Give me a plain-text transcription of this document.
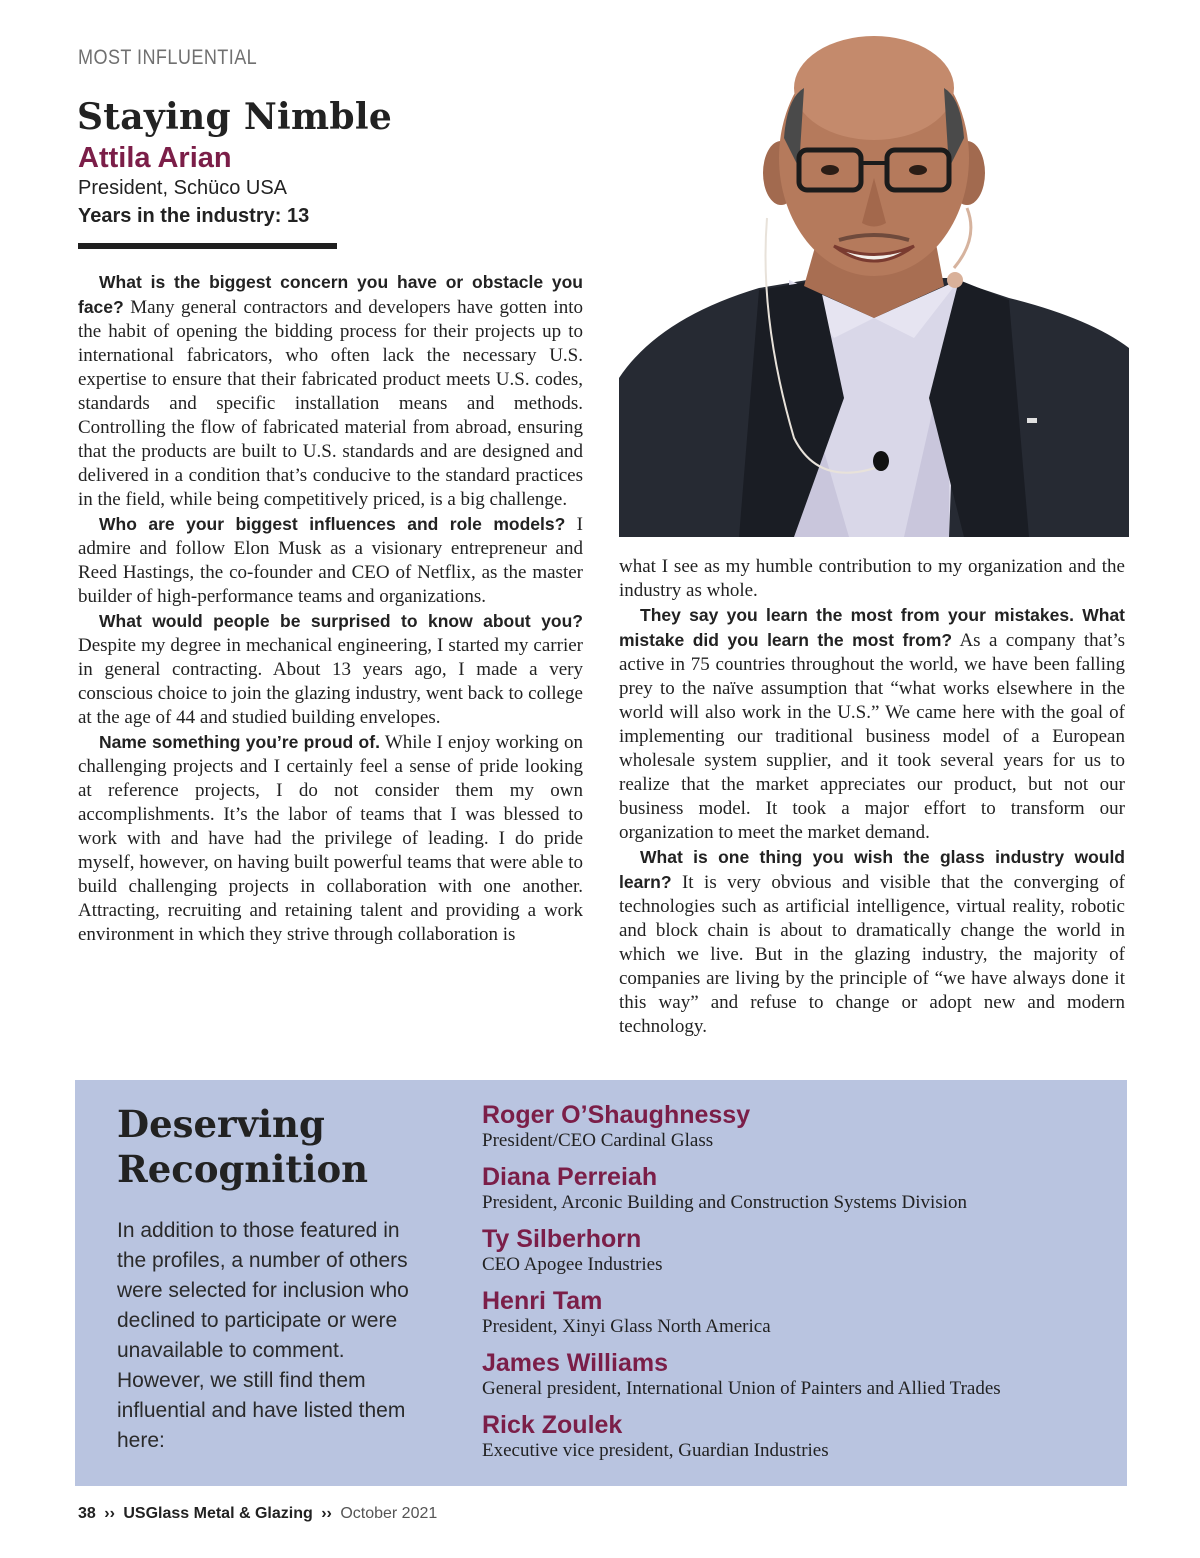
MOST INFLUENTIAL
Staying Nimble
Attila Arian
President, Schüco USA
Years in the industry: 13

What is the biggest concern you have or obstacle you face? Many general contractors and developers have gotten into the habit of opening the bidding process for their projects up to international fabricators, who often lack the necessary U.S. expertise to ensure that their fabricated product meets U.S. codes, standards and specific installation means and methods. Controlling the flow of fabricated material from abroad, ensuring that the products are built to U.S. standards and are designed and delivered in a condition that’s conducive to the standard practices in the field, while being competitively priced, is a big challenge.

Who are your biggest influences and role models? I admire and follow Elon Musk as a visionary entrepreneur and Reed Hastings, the co-founder and CEO of Netflix, as the master builder of high-performance teams and organizations.

What would people be surprised to know about you? Despite my degree in mechanical engineering, I started my carrier in general contracting. About 13 years ago, I made a very conscious choice to join the glazing industry, went back to college at the age of 44 and studied building envelopes.

Name something you’re proud of. While I enjoy working on challenging projects and I certainly feel a sense of pride looking at reference projects, I do not consider them my own accomplishments. It’s the labor of teams that I was blessed to work with and have had the privilege of leading. I do pride myself, however, on having built powerful teams that were able to build challenging projects in collaboration with one another. Attracting, recruiting and retaining talent and providing a work environment in which they strive through collaboration is

what I see as my humble contribution to my organization and the industry as whole.

They say you learn the most from your mistakes. What mistake did you learn the most from? As a company that’s active in 75 countries throughout the world, we have been falling prey to the naïve assumption that “what works elsewhere in the world will also work in the U.S.” We came here with the goal of implementing our traditional business model of a European wholesale system supplier, and it took several years for us to realize that the market appreciates our product, but not our business model. It took a major effort to transform our organization to meet the market demand.

What is one thing you wish the glass industry would learn? It is very obvious and visible that the converging of technologies such as artificial intelligence, virtual reality, robotic and block chain is about to dramatically change the world in which we live. But in the glazing industry, the majority of companies are living by the principle of “we have always done it this way” and refuse to change or adopt new and modern technology.

Deserving
Recognition
In addition to those featured in the profiles, a number of others were selected for inclusion who declined to participate or were unavailable to comment. However, we still find them influential and have listed them here:
Roger O’Shaughnessy
President/CEO Cardinal Glass
Diana Perreiah
President, Arconic Building and Construction Systems Division
Ty Silberhorn
CEO Apogee Industries
Henri Tam
President, Xinyi Glass North America
James Williams
General president, International Union of Painters and Allied Trades
Rick Zoulek
Executive vice president, Guardian Industries
38 ›› USGlass Metal & Glazing ›› October 2021
